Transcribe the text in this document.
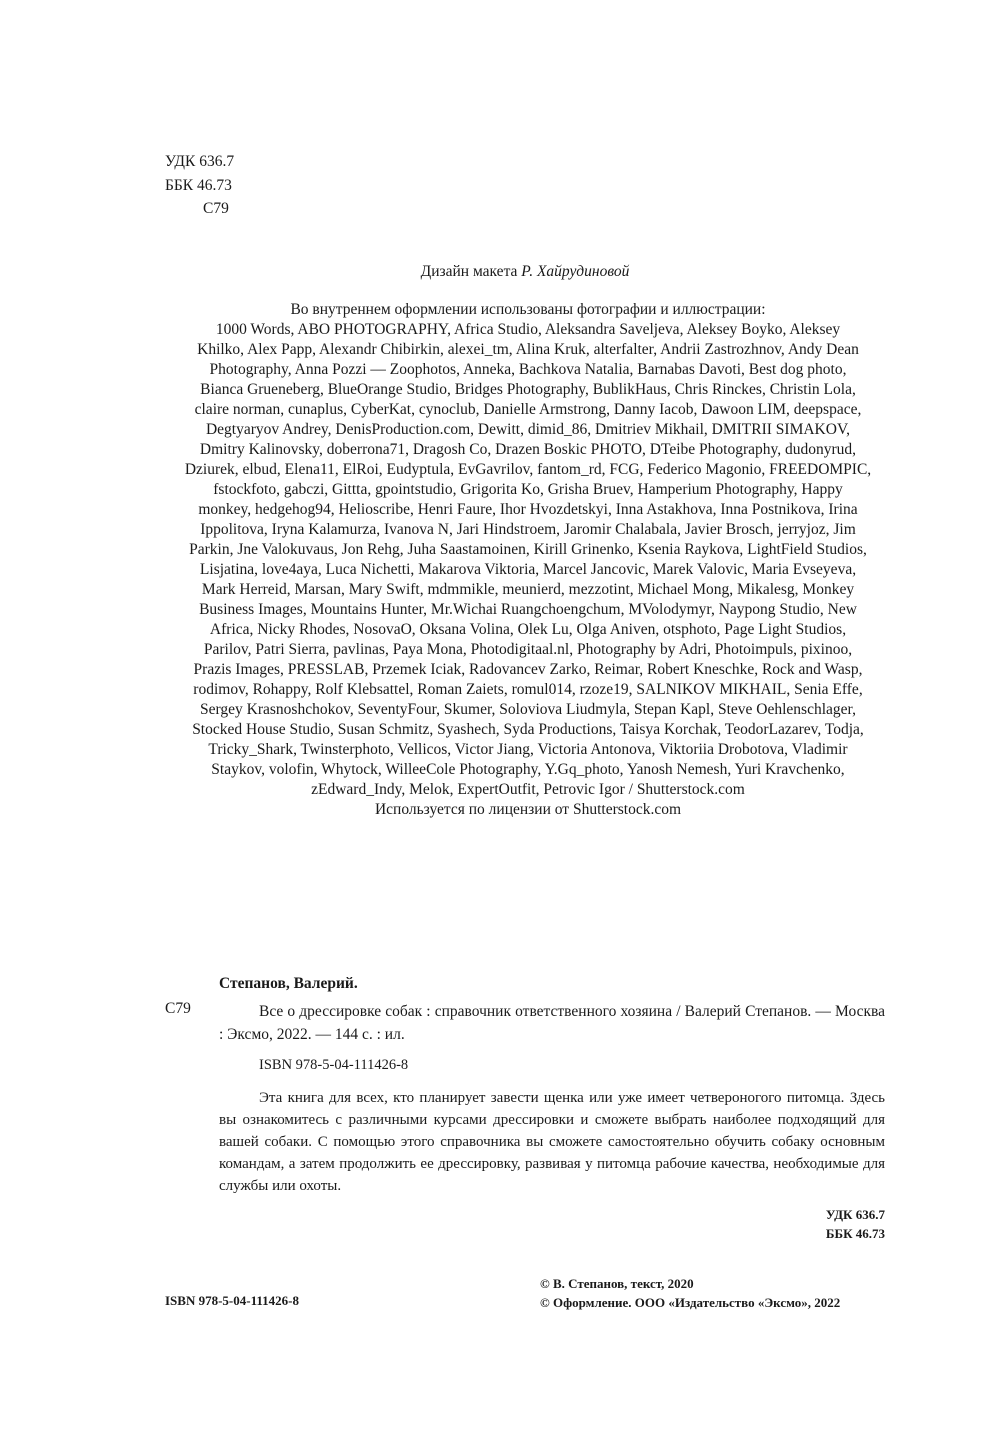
УДК 636.7
ББК 46.73
С79
Дизайн макета Р. Хайрудиновой
Во внутреннем оформлении использованы фотографии и иллюстрации:
1000 Words, ABO PHOTOGRAPHY, Africa Studio, Aleksandra Saveljeva, Aleksey Boyko, Aleksey
Khilko, Alex Papp, Alexandr Chibirkin, alexei_tm, Alina Kruk, alterfalter, Andrii Zastrozhnov, Andy Dean
Photography, Anna Pozzi — Zoophotos, Anneka, Bachkova Natalia, Barnabas Davoti, Best dog photo,
Bianca Grueneberg, BlueOrange Studio, Bridges Photography, BublikHaus, Chris Rinckes, Christin Lola,
claire norman, cunaplus, CyberKat, cynoclub, Danielle Armstrong, Danny Iacob, Dawoon LIM, deepspace,
Degtyaryov Andrey, DenisProduction.com, Dewitt, dimid_86, Dmitriev Mikhail, DMITRII SIMAKOV,
Dmitry Kalinovsky, doberrona71, Dragosh Co, Drazen Boskic PHOTO, DTeibe Photography, dudonyrud,
Dziurek, elbud, Elena11, ElRoi, Eudyptula, EvGavrilov, fantom_rd, FCG, Federico Magonio, FREEDOMPIC,
fstockfoto, gabczi, Gittta, gpointstudio, Grigorita Ko, Grisha Bruev, Hamperium Photography, Happy
monkey, hedgehog94, Helioscribe, Henri Faure, Ihor Hvozdetskyi, Inna Astakhova, Inna Postnikova, Irina
Ippolitova, Iryna Kalamurza, Ivanova N, Jari Hindstroem, Jaromir Chalabala, Javier Brosch, jerryjoz, Jim
Parkin, Jne Valokuvaus, Jon Rehg, Juha Saastamoinen, Kirill Grinenko, Ksenia Raykova, LightField Studios,
Lisjatina, love4aya, Luca Nichetti, Makarova Viktoria, Marcel Jancovic, Marek Valovic, Maria Evseyeva,
Mark Herreid, Marsan, Mary Swift, mdmmikle, meunierd, mezzotint, Michael Mong, Mikalesg, Monkey
Business Images, Mountains Hunter, Mr.Wichai Ruangchoengchum, MVolodymyr, Naypong Studio, New
Africa, Nicky Rhodes, NosovaO, Oksana Volina, Olek Lu, Olga Aniven, otsphoto, Page Light Studios,
Parilov, Patri Sierra, pavlinas, Paya Mona, Photodigitaal.nl, Photography by Adri, Photoimpuls, pixinoo,
Prazis Images, PRESSLAB, Przemek Iciak, Radovancev Zarko, Reimar, Robert Kneschke, Rock and Wasp,
rodimov, Rohappy, Rolf Klebsattel, Roman Zaiets, romul014, rzoze19, SALNIKOV MIKHAIL, Senia Effe,
Sergey Krasnoshchokov, SeventyFour, Skumer, Soloviova Liudmyla, Stepan Kapl, Steve Oehlenschlager,
Stocked House Studio, Susan Schmitz, Syashech, Syda Productions, Taisya Korchak, TeodorLazarev, Todja,
Tricky_Shark, Twinsterphoto, Vellicos, Victor Jiang, Victoria Antonova, Viktoriia Drobotova, Vladimir
Staykov, volofin, Whytock, WilleeCole Photography, Y.Gq_photo, Yanosh Nemesh, Yuri Kravchenko,
zEdward_Indy, Melok, ExpertOutfit, Petrovic Igor / Shutterstock.com
Используется по лицензии от Shutterstock.com
Степанов, Валерий.
С79	Все о дрессировке собак : справочник ответственного хозяина / Валерий Степанов. — Москва : Эксмо, 2022. — 144 с. : ил.
ISBN 978-5-04-111426-8
Эта книга для всех, кто планирует завести щенка или уже имеет четвероногого питомца. Здесь вы ознакомитесь с различными курсами дрессировки и сможете выбрать наиболее подходящий для вашей собаки. С помощью этого справочника вы сможете самостоятельно обучить собаку основным командам, а затем продолжить ее дрессировку, развивая у питомца рабочие качества, необходимые для службы или охоты.
УДК 636.7
ББК 46.73
© В. Степанов, текст, 2020
© Оформление. ООО «Издательство «Эксмо», 2022
ISBN 978-5-04-111426-8
